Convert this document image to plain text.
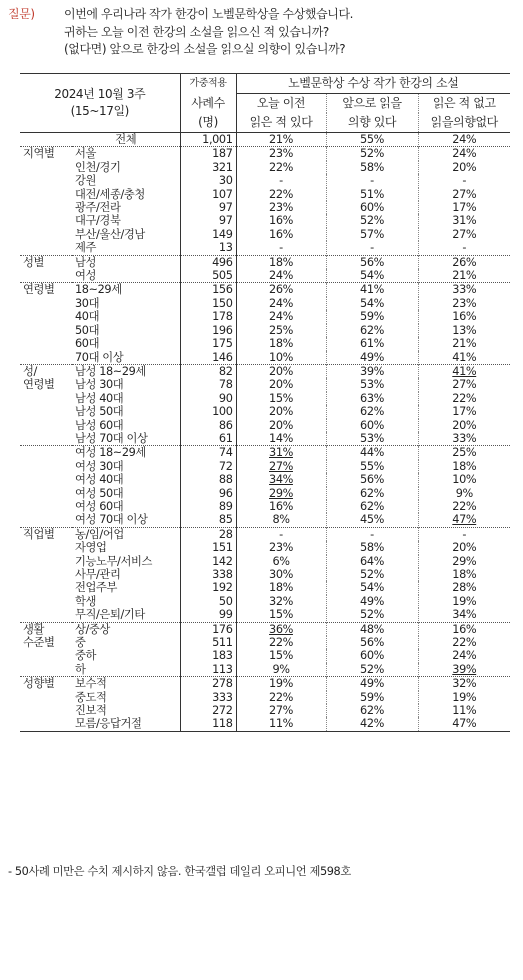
질문)	이번에 우리나라 작가 한강이 노벨문학상을 수상했습니다.
귀하는 오늘 이전 한강의 소설을 읽으신 적 있습니까?
(없다면) 앞으로 한강의 소설을 읽으실 의향이 있습니까?
2024년 10월 3주
(15~17일)		가중적용	노벨문학상 수상 작가 한강의 소설		
		사례수	오늘 이전	앞으로 읽을	읽은 적 없고
		(명)	읽은 적 있다	의향 있다	읽을의향없다
	전체	1,001	21%	55%	24%
지역별	서울	187	23%	52%	24%
	인천/경기	321	22%	58%	20%
	강원	30	-	-	-
	대전/세종/충청	107	22%	51%	27%
	광주/전라	97	23%	60%	17%
	대구/경북	97	16%	52%	31%
	부산/울산/경남	149	16%	57%	27%
	제주	13	-	-	-
성별	남성	496	18%	56%	26%
	여성	505	24%	54%	21%
연령별	18~29세	156	26%	41%	33%
	30대	150	24%	54%	23%
	40대	178	24%	59%	16%
	50대	196	25%	62%	13%
	60대	175	18%	61%	21%
	70대 이상	146	10%	49%	41%
성/	남성 18~29세	82	20%	39%	41%
연령별	남성 30대	78	20%	53%	27%
	남성 40대	90	15%	63%	22%
	남성 50대	100	20%	62%	17%
	남성 60대	86	20%	60%	20%
	남성 70대 이상	61	14%	53%	33%
	여성 18~29세	74	31%	44%	25%
	여성 30대	72	27%	55%	18%
	여성 40대	88	34%	56%	10%
	여성 50대	96	29%	62%	9%
	여성 60대	89	16%	62%	22%
	여성 70대 이상	85	8%	45%	47%
직업별	농/임/어업	28	-	-	-
	자영업	151	23%	58%	20%
	기능노무/서비스	142	6%	64%	29%
	사무/관리	338	30%	52%	18%
	전업주부	192	18%	54%	28%
	학생	50	32%	49%	19%
	무직/은퇴/기타	99	15%	52%	34%
생활	상/중상	176	36%	48%	16%
수준별	중	511	22%	56%	22%
	중하	183	15%	60%	24%
	하	113	9%	52%	39%
성향별	보수적	278	19%	49%	32%
	중도적	333	22%	59%	19%
	진보적	272	27%	62%	11%
	모름/응답거절	118	11%	42%	47%
- 50사례 미만은 수치 제시하지 않음. 한국갤럽 데일리 오피니언 제598호
